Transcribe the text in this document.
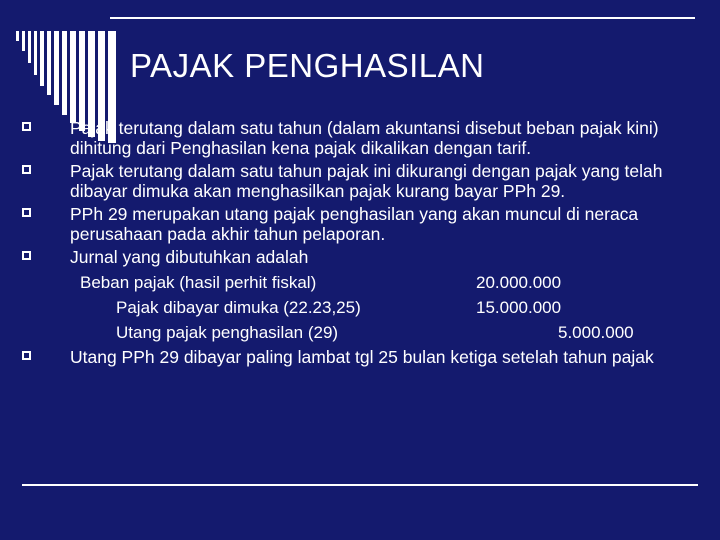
PAJAK PENGHASILAN
Pajak terutang dalam satu tahun (dalam akuntansi disebut beban pajak kini) dihitung dari Penghasilan kena pajak dikalikan dengan tarif.
Pajak terutang dalam satu tahun pajak ini dikurangi dengan pajak yang telah dibayar dimuka akan menghasilkan pajak kurang bayar PPh 29.
PPh 29 merupakan utang pajak penghasilan yang akan muncul di neraca perusahaan pada akhir tahun pelaporan.
Jurnal yang dibutuhkan adalah
Beban pajak (hasil perhit fiskal)	20.000.000
Pajak dibayar dimuka (22.23,25)	15.000.000
Utang pajak penghasilan (29)	5.000.000
Utang PPh 29 dibayar paling lambat tgl 25 bulan ketiga setelah tahun pajak
